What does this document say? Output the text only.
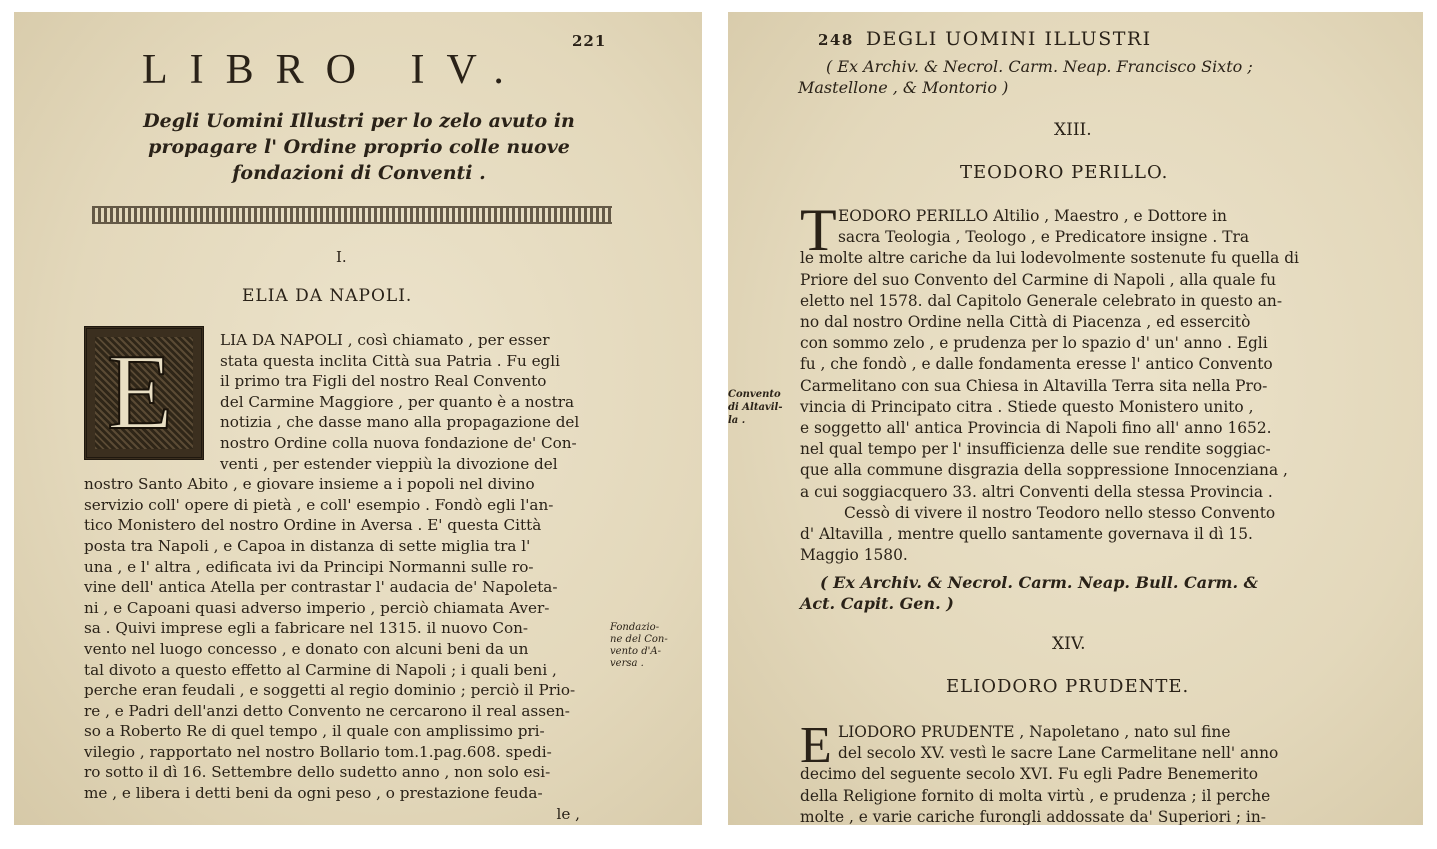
221
LIBRO IV.
Degli Uomini Illustri per lo zelo avuto in
propagare l' Ordine proprio colle nuove
fondazioni di Conventi .
I.
ELIA DA NAPOLI.
E	LIA DA NAPOLI , così chiamato , per esser
stata questa inclita Città sua Patria . Fu egli
il primo tra Figli del nostro Real Convento
del Carmine Maggiore , per quanto è a nostra
notizia , che dasse mano alla propagazione del
nostro Ordine colla nuova fondazione de' Con-
venti , per estender vieppiù la divozione del
nostro Santo Abito , e giovare insieme a i popoli nel divino
servizio coll' opere di pietà , e coll' esempio . Fondò egli l'an-
tico Monistero del nostro Ordine in Aversa . E' questa Città
posta tra Napoli , e Capoa in distanza di sette miglia tra l'
una , e l' altra , edificata ivi da Principi Normanni sulle ro-
vine dell' antica Atella per contrastar l' audacia de' Napoleta-
ni , e Capoani quasi adverso imperio , perciò chiamata Aver-
sa . Quivi imprese egli a fabricare nel 1315. il nuovo Con-
vento nel luogo concesso , e donato con alcuni beni da un
tal divoto a questo effetto al Carmine di Napoli ; i quali beni ,
perche eran feudali , e soggetti al regio dominio ; perciò il Prio-
re , e Padri dell'anzi detto Convento ne cercarono il real assen-
so a Roberto Re di quel tempo , il quale con amplissimo pri-
vilegio , rapportato nel nostro Bollario tom.1.pag.608. spedi-
ro sotto il dì 16. Settembre dello sudetto anno , non solo esi-
me , e libera i detti beni da ogni peso , o prestazione feuda-
le ,
Fondazio-
ne del Con-
vento d'A-
versa .
248 DEGLI UOMINI ILLUSTRI
( Ex Archiv. & Necrol. Carm. Neap. Francisco Sixto ;
Mastellone , & Montorio )
XIII.
TEODORO PERILLO.
T EODORO PERILLO Altilio , Maestro , e Dottore in
sacra Teologia , Teologo , e Predicatore insigne . Tra
le molte altre cariche da lui lodevolmente sostenute fu quella di
Priore del suo Convento del Carmine di Napoli , alla quale fu
eletto nel 1578. dal Capitolo Generale celebrato in questo an-
no dal nostro Ordine nella Città di Piacenza , ed essercitò
con sommo zelo , e prudenza per lo spazio d' un' anno . Egli
fu , che fondò , e dalle fondamenta eresse l' antico Convento
Carmelitano con sua Chiesa in Altavilla Terra sita nella Pro-
vincia di Principato citra . Stiede questo Monistero unito ,
e soggetto all' antica Provincia di Napoli fino all' anno 1652.
nel qual tempo per l' insufficienza delle sue rendite soggiac-
que alla commune disgrazia della soppressione Innocenziana ,
a cui soggiacquero 33. altri Conventi della stessa Provincia .
Cessò di vivere il nostro Teodoro nello stesso Convento
d' Altavilla , mentre quello santamente governava il dì 15.
Maggio 1580.
Convento
di Altavil-
la .
( Ex Archiv. & Necrol. Carm. Neap. Bull. Carm. &
Act. Capit. Gen. )
XIV.
ELIODORO PRUDENTE.
E LIODORO PRUDENTE , Napoletano , nato sul fine
del secolo XV. vestì le sacre Lane Carmelitane nell' anno
decimo del seguente secolo XVI. Fu egli Padre Benemerito
della Religione fornito di molta virtù , e prudenza ; il perche
molte , e varie cariche furongli addossate da' Superiori ; in-
